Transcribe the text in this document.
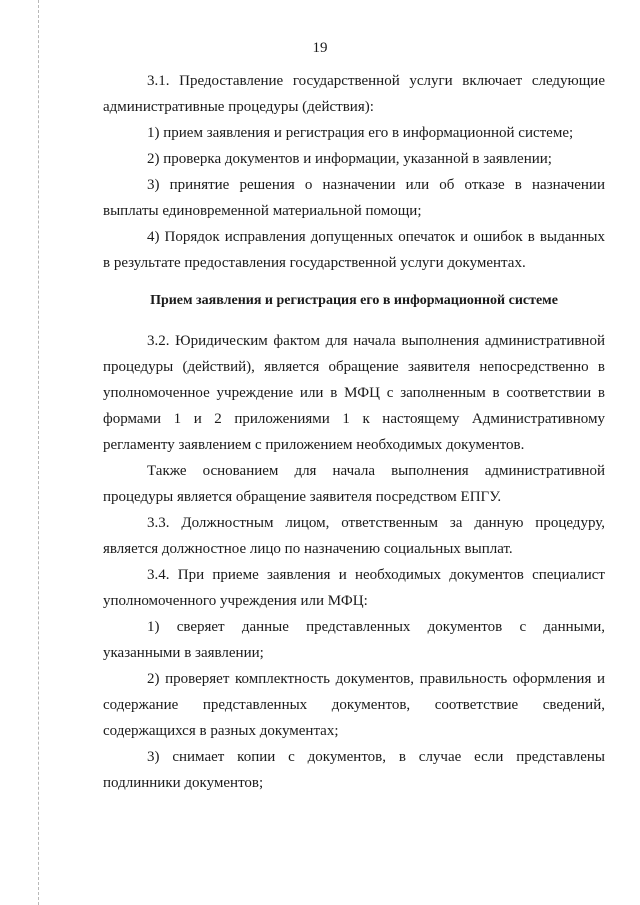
19

3.1. Предоставление государственной услуги включает следующие административные процедуры (действия):

1) прием заявления и регистрация его в информационной системе;

2) проверка документов и информации, указанной в заявлении;

3) принятие решения о назначении или об отказе в назначении выплаты единовременной материальной помощи;

4) Порядок исправления допущенных опечаток и ошибок в выданных в результате предоставления государственной услуги документах.

Прием заявления и регистрация его в информационной системе

3.2. Юридическим фактом для начала выполнения административной процедуры (действий), является обращение заявителя непосредственно в уполномоченное учреждение или в МФЦ с заполненным в соответствии в формами 1 и 2 приложениями 1 к настоящему Административному регламенту заявлением с приложением необходимых документов.

Также основанием для начала выполнения административной процедуры является обращение заявителя посредством ЕПГУ.

3.3. Должностным лицом, ответственным за данную процедуру, является должностное лицо по назначению социальных выплат.

3.4. При приеме заявления и необходимых документов специалист уполномоченного учреждения или МФЦ:

1) сверяет данные представленных документов с данными, указанными в заявлении;

2) проверяет комплектность документов, правильность оформления и содержание представленных документов, соответствие сведений, содержащихся в разных документах;

3) снимает копии с документов, в случае если представлены подлинники документов;
